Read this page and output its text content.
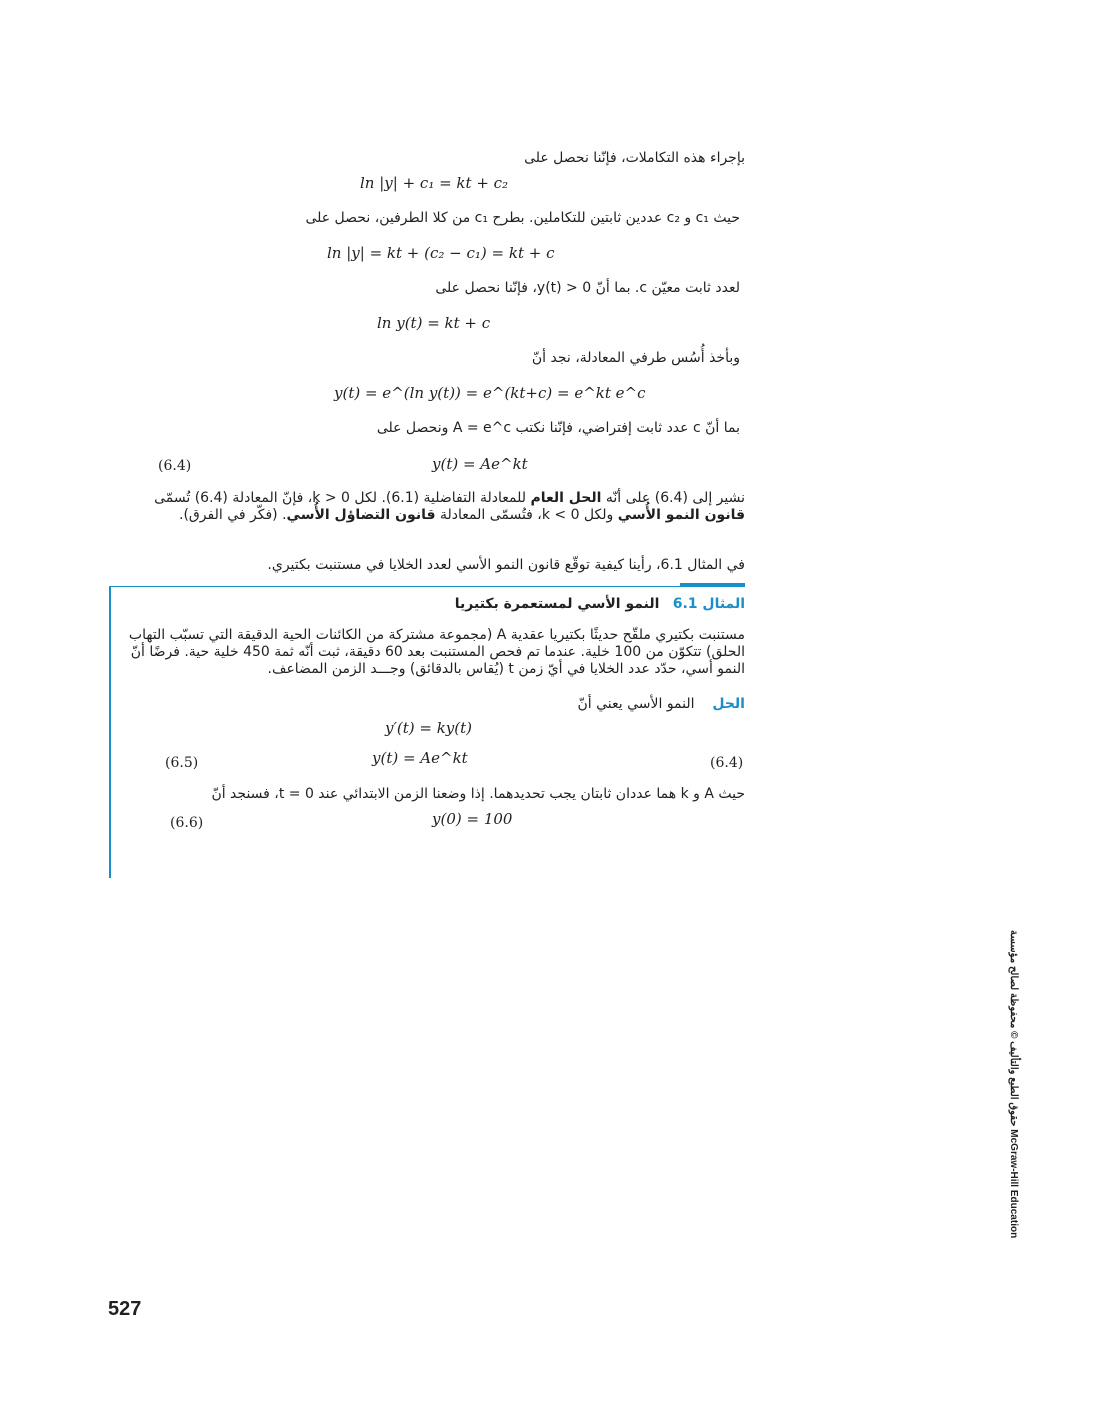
بإجراء هذه التكاملات، فإنّنا نحصل على
ln |y| + c₁ = kt + c₂
حيث c₁ و c₂ عددين ثابتين للتكاملين. بطرح c₁ من كلا الطرفين، نحصل على
ln |y| = kt + (c₂ − c₁) = kt + c
لعدد ثابت معيّن c. بما أنّ y(t) > 0، فإنّنا نحصل على
ln y(t) = kt + c
وبأخذ أُسُس طرفي المعادلة، نجد أنّ
y(t) = e^(ln y(t)) = e^(kt+c) = e^kt e^c
بما أنّ c عدد ثابت إفتراضي، فإنّنا نكتب A = e^c ونحصل على
y(t) = Ae^kt
(6.4)
نشير إلى (6.4) على أنّه الحل العام للمعادلة التفاضلية (6.1). لكل k > 0، فإنّ المعادلة (6.4) تُسمّى قانون النمو الأُسي ولكل k < 0، فتُسمّى المعادلة قانون التضاؤل الأُسي. (فكّر في الفرق).
في المثال 6.1، رأينا كيفية توقّع قانون النمو الأسي لعدد الخلايا في مستنبت بكتيري.
المثال 6.1   النمو الأسي لمستعمرة بكتيريا
مستنبت بكتيري ملقّح حديثًا بكتيريا عقدية A (مجموعة مشتركة من الكائنات الحية الدقيقة التي تسبّب التهاب الحلق) تتكوّن من 100 خلية. عندما تم فحص المستنبت بعد 60 دقيقة، ثبت أنّه ثمة 450 خلية حية. فرضًا أنّ النمو أسي، حدّد عدد الخلايا في أيّ زمن t (يُقاس بالدقائق) وجـــد الزمن المضاعف.
الحل    النمو الأسي يعني أنّ
y′(t) = ky(t)
y(t) = Ae^kt
(6.5)	(6.4)
حيث A و k هما عددان ثابتان يجب تحديدهما. إذا وضعنا الزمن الابتدائي عند t = 0، فسنجد أنّ
y(0) = 100
(6.6)
حقوق الطبع والتأليف © محفوظة لصالح مؤسسة McGraw-Hill Education
527
